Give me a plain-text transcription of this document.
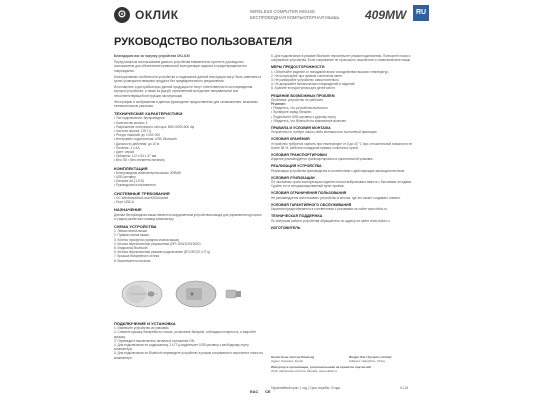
⊙ ОКЛИК	WIRELESS COMPUTER MOUSE
БЕСПРОВОДНАЯ КОМПЬЮТЕРНАЯ МЫШЬ	409MW	RU
РУКОВОДСТВО ПОЛЬЗОВАТЕЛЯ
Благодарим вас за покупку устройства OKLICK!
Перед началом использования данного устройства внимательно прочтите руководство пользователя для обеспечения правильной эксплуатации изделия и предотвращения его повреждения.
Конструктивные особенности устройства и содержание данной инструкции могут быть изменены в целях усовершенствования продукта без предварительного уведомления.
Изготовитель и дистрибьюторы данной продукции не несут ответственности за повреждения корпуса устройства, а также за ущерб, причиненный вследствие неправильной или несоответствующей инструкции эксплуатации.
Фотографии и изображения в данном руководстве предоставлены для ознакомления, возможны незначительные различия.
ТЕХНИЧЕСКИЕ ХАРАКТЕРИСТИКИ
• Тип подключения: беспроводное
• Количество кнопок: 4
• Разрешение оптического сенсора: 800/1200/1600 dpi
• Частота опроса: 125 Гц
• Ресурс нажатий: до 3 000 000
• Интерфейс подключения: USB, Bluetooth
• Дальность действия: до 10 м
• Питание: 1 x AA
• Цвет: серый
• Габариты: 112 x 63 x 37 мм
• Вес: 58 г (без элемента питания)
КОМПЛЕКТАЦИЯ
• Беспроводная компьютерная мышь 409MW
• USB-ресивер
• Батарея АА (1,5 В)
• Руководство пользователя
СИСТЕМНЫЕ ТРЕБОВАНИЯ
• ОС Windows/Mac/Linux/iOS/Android
• Порт USB-A
НАЗНАЧЕНИЕ
Данная беспроводная мышь является координатным устройством ввода для управления курсором и отдачи различных команд компьютеру.
СХЕМА УСТРОЙСТВА
1. Левая кнопка мыши
2. Правая кнопка мыши
3. Колесо прокрутки (средняя кнопка мыши)
4. Кнопка переключения разрешения (DPI: 800/1200/1600)
5. Индикатор Bluetooth
6. Кнопка переключения режима подключения (BT1/BT2/2,4 ГГц)
7. Крышка батарейного отсека
8. Выключатель питания
ПОДКЛЮЧЕНИЕ И УСТАНОВКА
1. Извлеките устройство из упаковки.
2. Снимите крышку батарейного отсека, установите батарею, соблюдая полярность, и закройте крышку.
3. Переведите выключатель питания в положение ON.
4. Для подключения по радиоканалу 2,4 ГГц подключите USB-ресивер к свободному порту компьютера.
5. Для подключения по Bluetooth переведите устройство в режим сопряжения и выполните поиск на компьютере.
6. Для подключения в режиме Bluetooth переключите режим подключения. Повторите поиск и сопряжение устройства. Если сопряжение не произошло, выключите и снова включите мышь.
МЕРЫ ПРЕДОСТОРОЖНОСТИ
1. Оберегайте изделие от попадания влаги и воздействия высоких температур.
2. Не используйте при прямом солнечном свете.
3. Не разбирайте устройство самостоятельно.
4. Не допускайте механических повреждений и падений.
5. Храните в недоступном для детей месте.
РЕШЕНИЕ ВОЗМОЖНЫХ ПРОБЛЕМ
Проблема: устройство не работает.
Решение:
• Убедитесь, что устройство включено.
• Проверьте заряд батареи.
• Подключите USB-ресивер к другому порту.
• Убедитесь, что Bluetooth на компьютере включен.
ПРАВИЛА И УСЛОВИЯ МОНТАЖА
Устройство не требует какого-либо монтажа или постоянной фиксации.
УСЛОВИЯ ХРАНЕНИЯ
Устройство требуется хранить при температуре от 5 до 40 °С при относительной влажности не более 85 %, избегать попадания прямых солнечных лучей.
УСЛОВИЯ ТРАНСПОРТИРОВКИ
Изделие рекомендуется транспортировать в оригинальной упаковке.
РЕАЛИЗАЦИЯ УСТРОЙСТВА
Реализация устройства производится в соответствии с действующим законодательством.
УСЛОВИЯ УТИЛИЗАЦИИ
По окончании срока эксплуатации изделие нельзя выбрасывать вместе с бытовыми отходами. Сдайте его в специализированный пункт приёма.
УСЛОВИЯ ОГРАНИЧЕНИЯ ПОЛЬЗОВАНИЯ
Не рекомендуется использовать устройство в местах, где это может создавать помехи.
УСЛОВИЯ ГАРАНТИЙНОГО ОБСЛУЖИВАНИЯ
Гарантия предоставляется в соответствии с условиями на сайте www.oklick.ru.
ТЕХНИЧЕСКАЯ ПОДДЕРЖКА
По вопросам работы устройства обращайтесь по адресу на сайте www.oklick.ru.
ИЗГОТОВИТЕЛЬ
Нинбо Кэнь Систем Лимитед
Адрес: Ханчжоу, Китай
Ningbo KeLi Systems Limited
Address: Hangzhou, China
Импортер в организации, уполномоченная на принятие претензий:
ООО «Мерлион» Россия, Москва, www.oklick.ru
EAC CE
Гарантийный срок: 1 год | Срок службы: 3 года	V1.24
